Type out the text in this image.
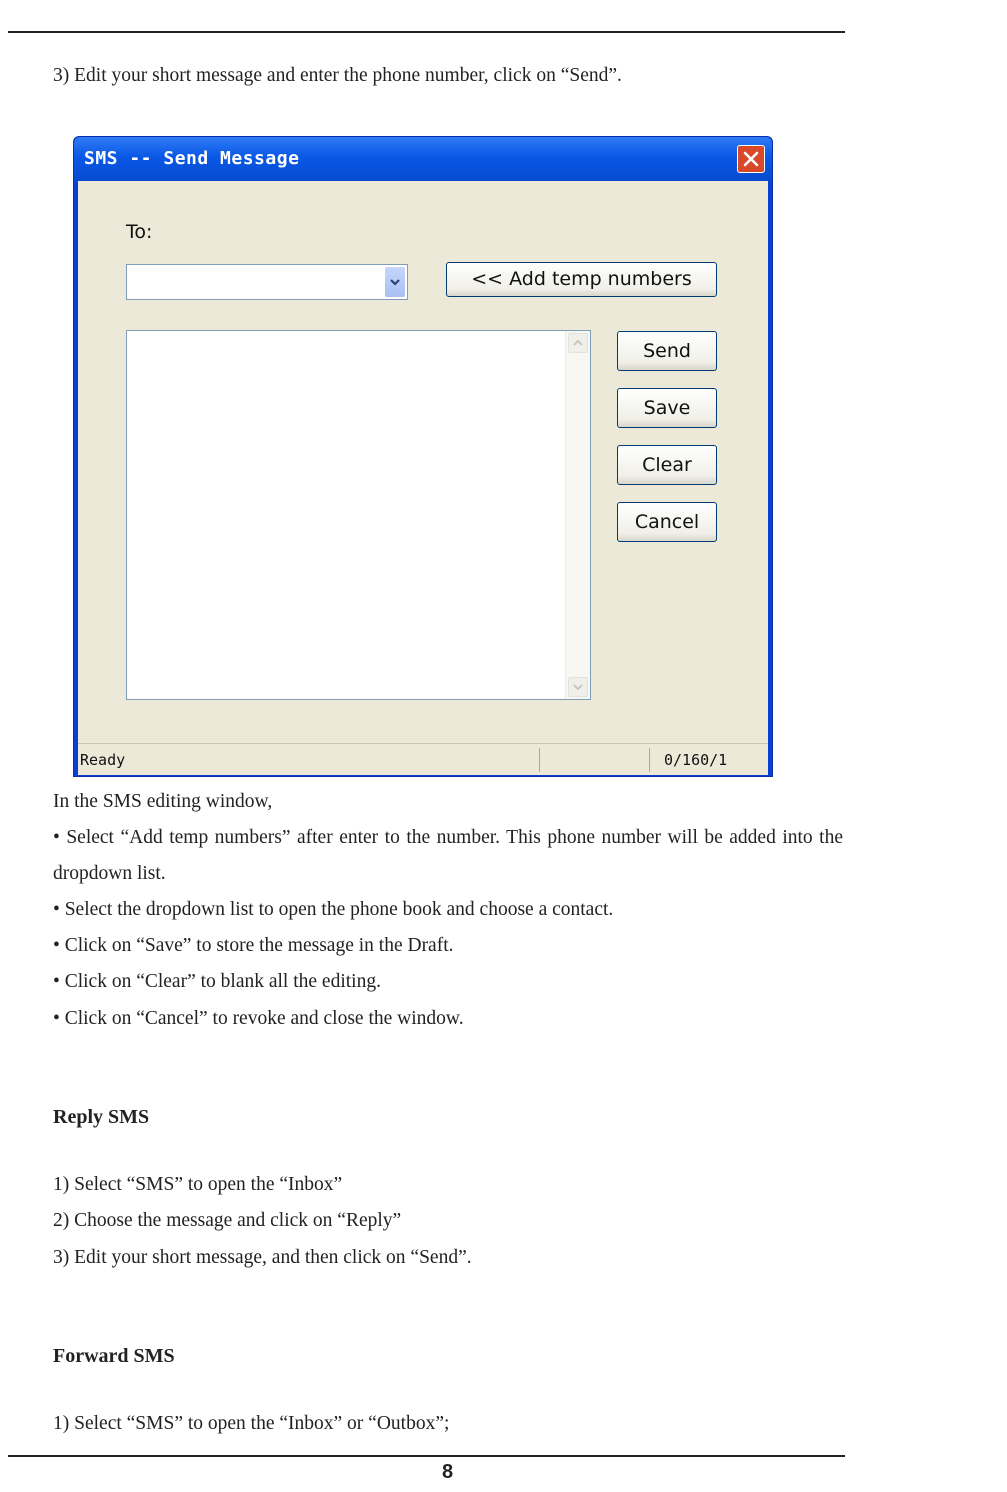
3) Edit your short message and enter the phone number, click on “Send”.

SMS -- Send Message
To:
<< Add temp numbers
Send
Save
Clear
Cancel
Ready	0/160/1

In the SMS editing window,

• Select “Add temp numbers” after enter to the number. This phone number will be added into the dropdown list.

• Select the dropdown list to open the phone book and choose a contact.

• Click on “Save” to store the message in the Draft.

• Click on “Clear” to blank all the editing.

• Click on “Cancel” to revoke and close the window.

Reply SMS

1) Select “SMS” to open the “Inbox”

2) Choose the message and click on “Reply”

3) Edit your short message, and then click on “Send”.

Forward SMS

1) Select “SMS” to open the “Inbox” or “Outbox”;

8
